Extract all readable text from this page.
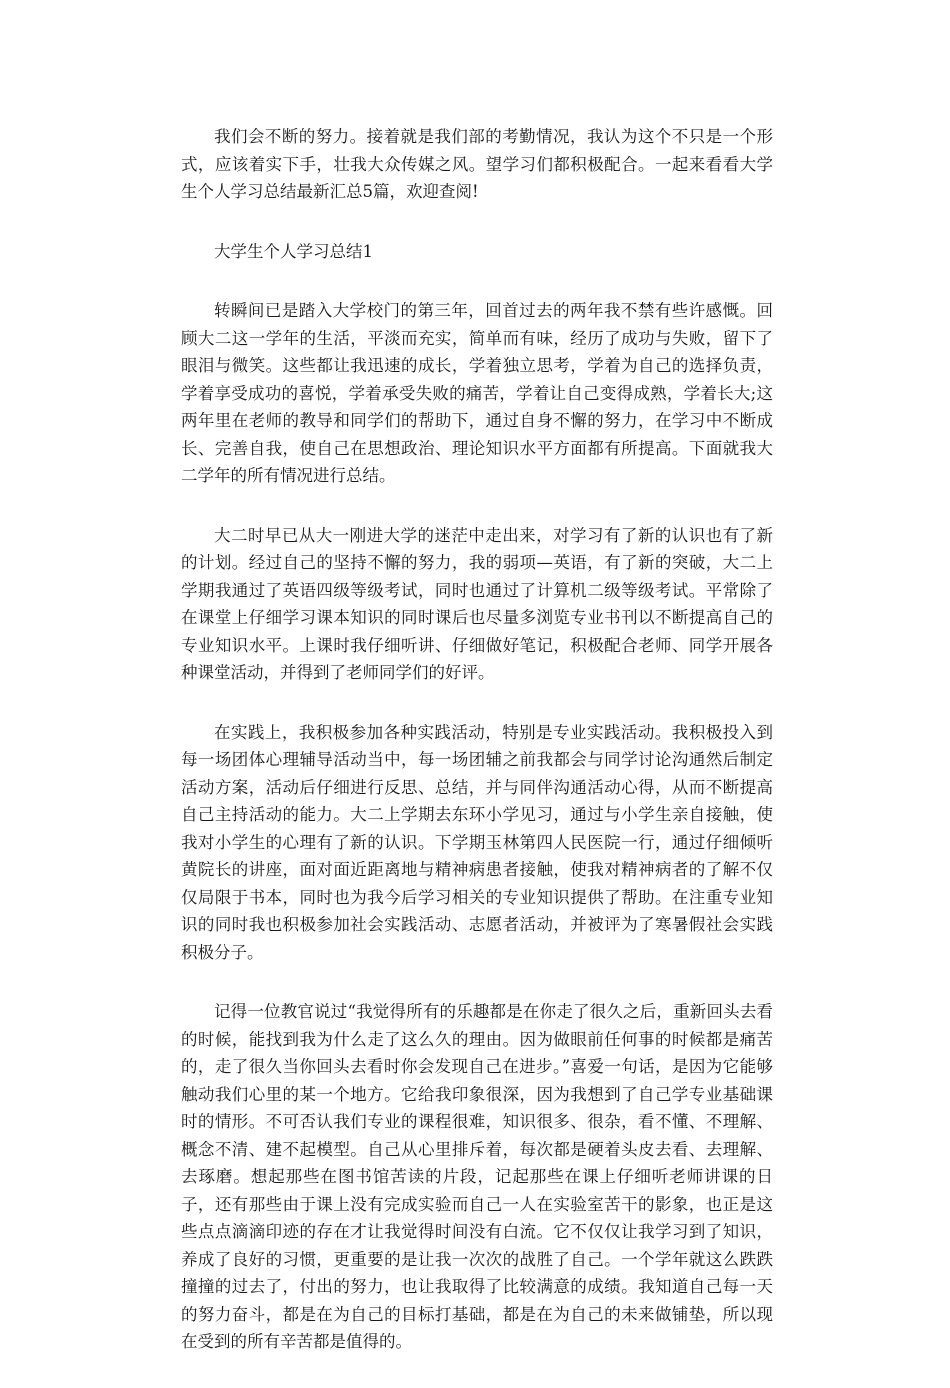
我们会不断的努力。接着就是我们部的考勤情况，我认为这个不只是一个形式，应该着实下手，壮我大众传媒之风。望学习们都积极配合。一起来看看大学生个人学习总结最新汇总5篇，欢迎查阅!

大学生个人学习总结1

转瞬间已是踏入大学校门的第三年，回首过去的两年我不禁有些许感慨。回顾大二这一学年的生活，平淡而充实，简单而有味，经历了成功与失败，留下了眼泪与微笑。这些都让我迅速的成长，学着独立思考，学着为自己的选择负责，学着享受成功的喜悦，学着承受失败的痛苦，学着让自己变得成熟，学着长大;这两年里在老师的教导和同学们的帮助下，通过自身不懈的努力，在学习中不断成长、完善自我，使自己在思想政治、理论知识水平方面都有所提高。下面就我大二学年的所有情况进行总结。

大二时早已从大一刚进大学的迷茫中走出来，对学习有了新的认识也有了新的计划。经过自己的坚持不懈的努力，我的弱项—英语，有了新的突破，大二上学期我通过了英语四级等级考试，同时也通过了计算机二级等级考试。平常除了在课堂上仔细学习课本知识的同时课后也尽量多浏览专业书刊以不断提高自己的专业知识水平。上课时我仔细听讲、仔细做好笔记，积极配合老师、同学开展各种课堂活动，并得到了老师同学们的好评。

在实践上，我积极参加各种实践活动，特别是专业实践活动。我积极投入到每一场团体心理辅导活动当中，每一场团辅之前我都会与同学讨论沟通然后制定活动方案，活动后仔细进行反思、总结，并与同伴沟通活动心得，从而不断提高自己主持活动的能力。大二上学期去东环小学见习，通过与小学生亲自接触，使我对小学生的心理有了新的认识。下学期玉林第四人民医院一行，通过仔细倾听黄院长的讲座，面对面近距离地与精神病患者接触，使我对精神病者的了解不仅仅局限于书本，同时也为我今后学习相关的专业知识提供了帮助。在注重专业知识的同时我也积极参加社会实践活动、志愿者活动，并被评为了寒暑假社会实践积极分子。

记得一位教官说过“我觉得所有的乐趣都是在你走了很久之后，重新回头去看的时候，能找到我为什么走了这么久的理由。因为做眼前任何事的时候都是痛苦的，走了很久当你回头去看时你会发现自己在进步。”喜爱一句话，是因为它能够触动我们心里的某一个地方。它给我印象很深，因为我想到了自己学专业基础课时的情形。不可否认我们专业的课程很难，知识很多、很杂，看不懂、不理解、概念不清、建不起模型。自己从心里排斥着，每次都是硬着头皮去看、去理解、去琢磨。想起那些在图书馆苦读的片段，记起那些在课上仔细听老师讲课的日子，还有那些由于课上没有完成实验而自己一人在实验室苦干的影象，也正是这些点点滴滴印迹的存在才让我觉得时间没有白流。它不仅仅让我学习到了知识，养成了良好的习惯，更重要的是让我一次次的战胜了自己。一个学年就这么跌跌撞撞的过去了，付出的努力，也让我取得了比较满意的成绩。我知道自己每一天的努力奋斗，都是在为自己的目标打基础，都是在为自己的未来做铺垫，所以现在受到的所有辛苦都是值得的。
